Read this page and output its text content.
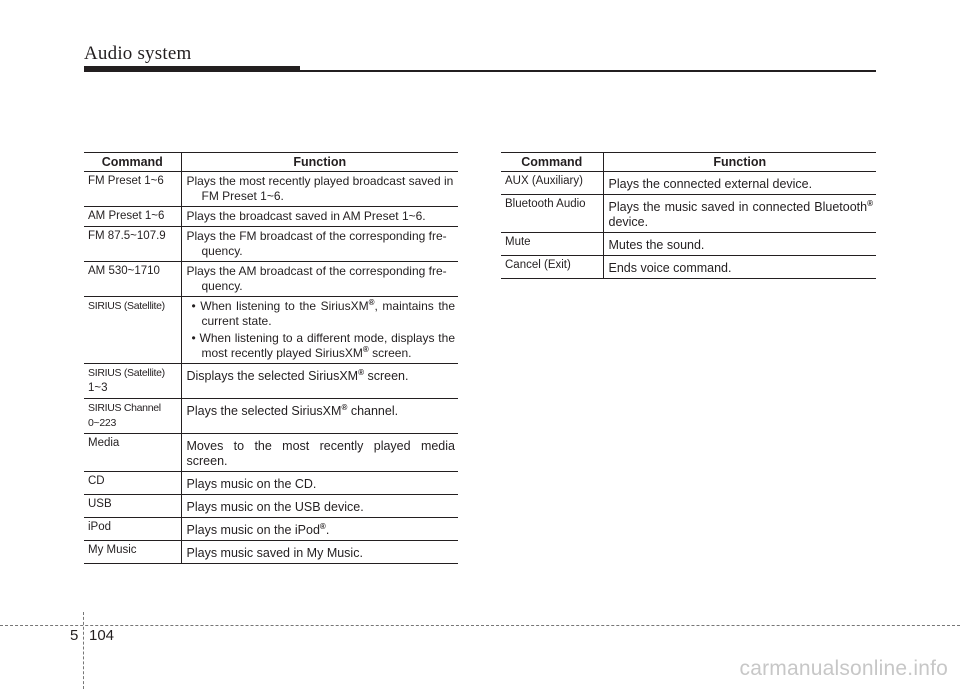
Audio system
Command	Function
FM Preset 1~6	Plays the most recently played broadcast saved in
FM Preset 1~6.

AM Preset 1~6	Plays the broadcast saved in AM Preset 1~6.
FM 87.5~107.9	Plays the FM broadcast of the corresponding fre-
quency.

AM 530~1710	Plays the AM broadcast of the corresponding fre-
quency.

SIRIUS (Satellite)	• When listening to the SiriusXM®, maintains the current state.
• When listening to a different mode, displays the most recently played SiriusXM® screen.

SIRIUS (Satellite)
1~3	Displays the selected SiriusXM® screen.
SIRIUS Channel
0~223	Plays the selected SiriusXM® channel.
Media	Moves to the most recently played media screen.
CD	Plays music on the CD.
USB	Plays music on the USB device.
iPod	Plays music on the iPod®.
My Music	Plays music saved in My Music.
Command	Function
AUX (Auxiliary)	Plays the connected external device.
Bluetooth Audio	Plays the music saved in connected Bluetooth® device.
Mute	Mutes the sound.
Cancel (Exit)	Ends voice command.
5 104
carmanualsonline.info
